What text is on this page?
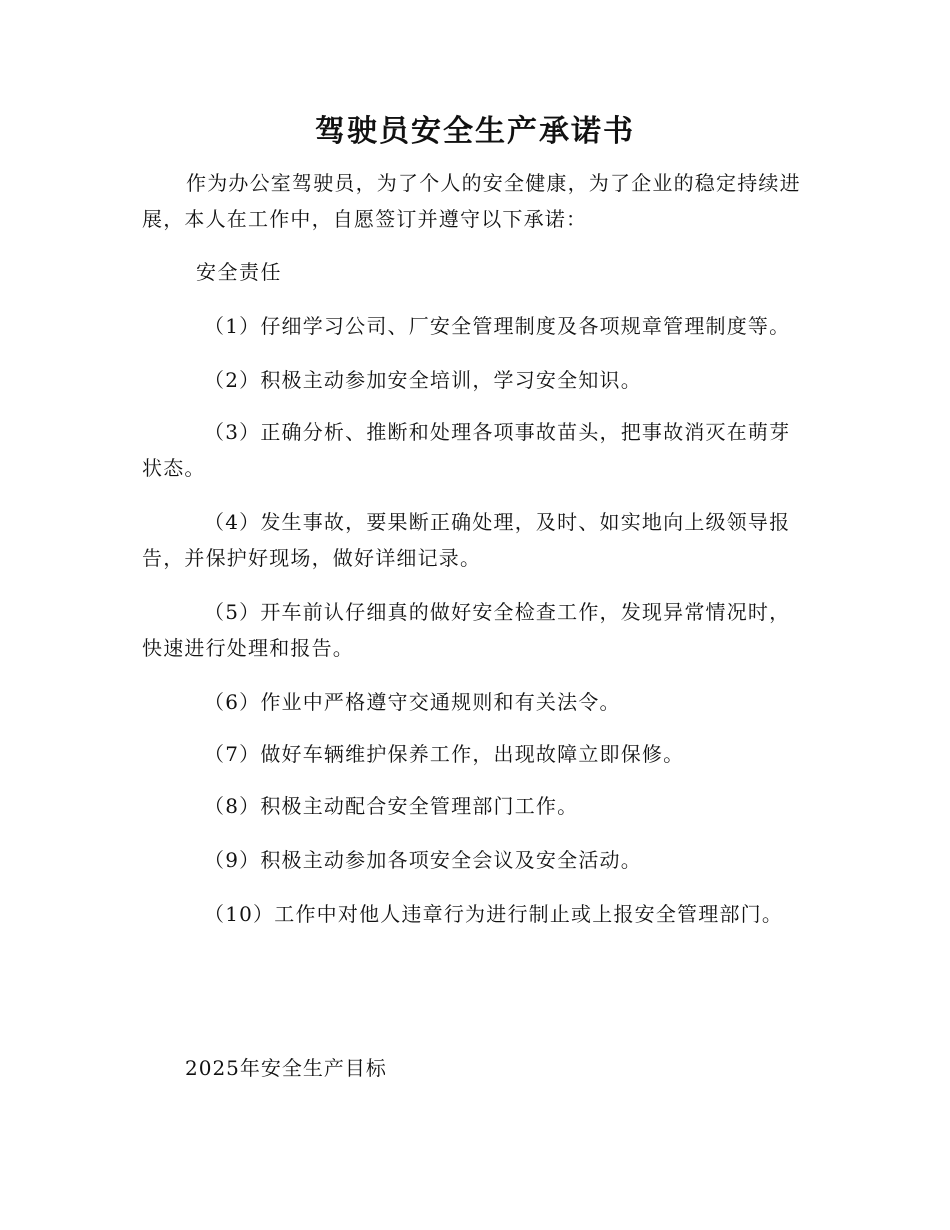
驾驶员安全生产承诺书

作为办公室驾驶员，为了个人的安全健康，为了企业的稳定持续进展，本人在工作中，自愿签订并遵守以下承诺：

安全责任

（1）仔细学习公司、厂安全管理制度及各项规章管理制度等。

（2）积极主动参加安全培训，学习安全知识。

（3）正确分析、推断和处理各项事故苗头，把事故消灭在萌芽状态。

（4）发生事故，要果断正确处理，及时、如实地向上级领导报告，并保护好现场，做好详细记录。

（5）开车前认仔细真的做好安全检查工作，发现异常情况时，快速进行处理和报告。

（6）作业中严格遵守交通规则和有关法令。

（7）做好车辆维护保养工作，出现故障立即保修。

（8）积极主动配合安全管理部门工作。

（9）积极主动参加各项安全会议及安全活动。

（10）工作中对他人违章行为进行制止或上报安全管理部门。

2025年安全生产目标
